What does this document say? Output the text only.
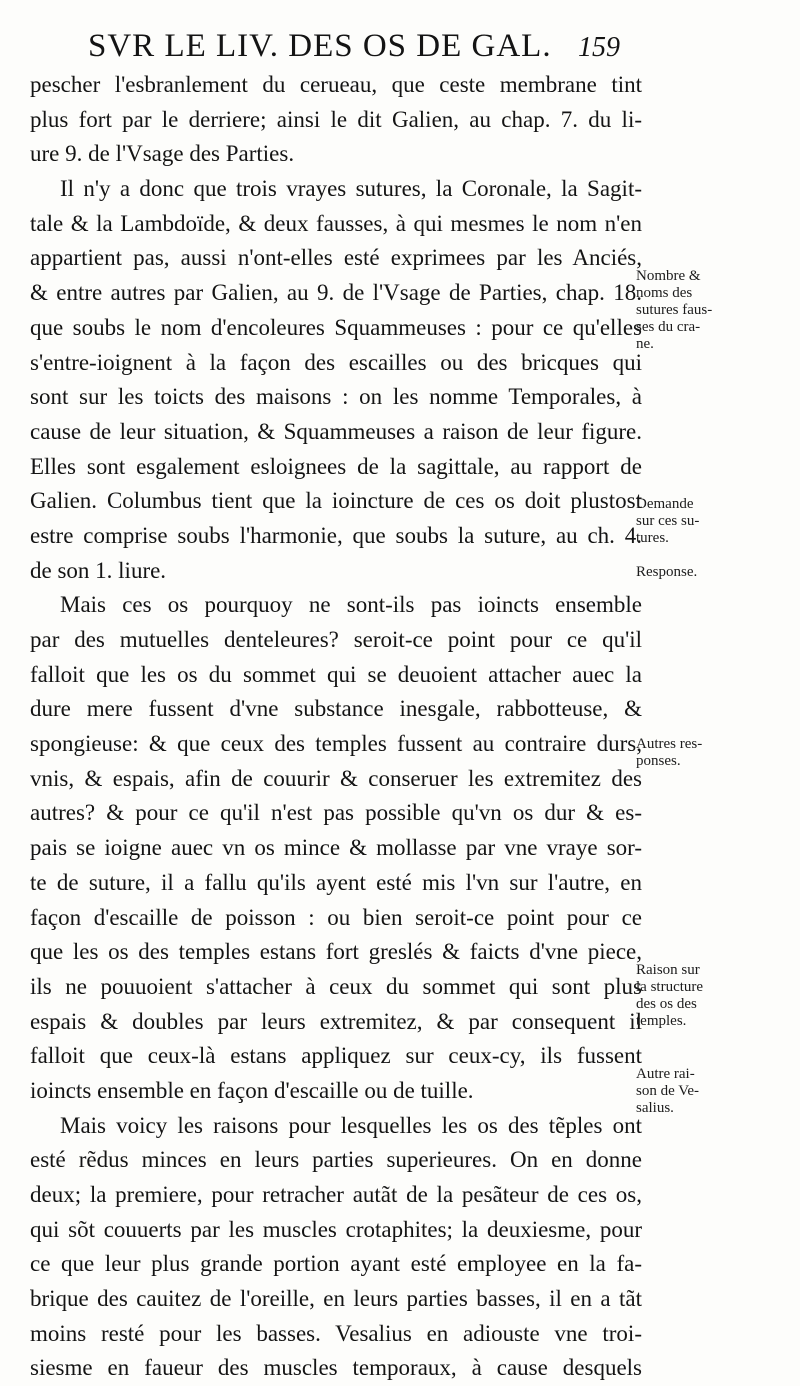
SVR LE LIV. DES OS DE GAL. 159
pescher l'esbranlement du cerueau, que ceste membrane tint
plus fort par le derriere; ainsi le dit Galien, au chap. 7. du li-
ure 9. de l'Vsage des Parties.
Il n'y a donc que trois vrayes sutures, la Coronale, la Sagit-
tale & la Lambdoïde, & deux fausses, à qui mesmes le nom n'en
appartient pas, aussi n'ont-elles esté exprimees par les Anciés,
& entre autres par Galien, au 9. de l'Vsage de Parties, chap. 18.
que soubs le nom d'encoleures Squammeuses : pour ce qu'elles
s'entre-ioignent à la façon des escailles ou des bricques qui
sont sur les toicts des maisons : on les nomme Temporales, à
cause de leur situation, & Squammeuses a raison de leur figure.
Elles sont esgalement esloignees de la sagittale, au rapport de
Galien. Columbus tient que la ioincture de ces os doit plustost
estre comprise soubs l'harmonie, que soubs la suture, au ch. 4.
de son 1. liure.
Mais ces os pourquoy ne sont-ils pas ioincts ensemble
par des mutuelles denteleures? seroit-ce point pour ce qu'il
falloit que les os du sommet qui se deuoient attacher auec la
dure mere fussent d'vne substance inesgale, rabbotteuse, &
spongieuse: & que ceux des temples fussent au contraire durs,
vnis, & espais, afin de couurir & conseruer les extremitez des
autres? & pour ce qu'il n'est pas possible qu'vn os dur & es-
pais se ioigne auec vn os mince & mollasse par vne vraye sor-
te de suture, il a fallu qu'ils ayent esté mis l'vn sur l'autre, en
façon d'escaille de poisson : ou bien seroit-ce point pour ce
que les os des temples estans fort greslés & faicts d'vne piece,
ils ne pouuoient s'attacher à ceux du sommet qui sont plus
espais & doubles par leurs extremitez, & par consequent il
falloit que ceux-là estans appliquez sur ceux-cy, ils fussent
ioincts ensemble en façon d'escaille ou de tuille.
Mais voicy les raisons pour lesquelles les os des tẽples ont
esté rẽdus minces en leurs parties superieures. On en donne
deux; la premiere, pour retracher autãt de la pesãteur de ces os,
qui sõt couuerts par les muscles crotaphites; la deuxiesme, pour
ce que leur plus grande portion ayant esté employee en la fa-
brique des cauitez de l'oreille, en leurs parties basses, il en a tãt
moins resté pour les basses. Vesalius en adiouste vne troi-
siesme en faueur des muscles temporaux, à cause desquels
Nombre &
noms des
sutures faus-
ses du cra-
ne.
Demande
sur ces su-
tures.
Response.
Autres res-
ponses.
Raison sur
la structure
des os des
temples.
Autre rai-
son de Ve-
salius.
